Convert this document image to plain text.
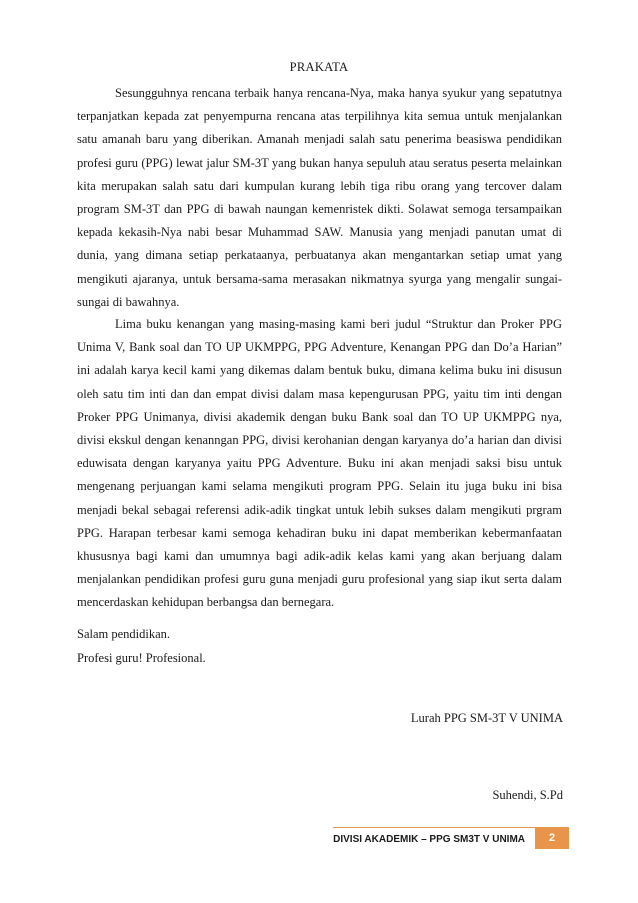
PRAKATA

Sesungguhnya rencana terbaik hanya rencana-Nya, maka hanya syukur yang sepatutnya terpanjatkan kepada zat penyempurna rencana atas terpilihnya kita semua untuk menjalankan satu amanah baru yang diberikan. Amanah menjadi salah satu penerima beasiswa pendidikan profesi guru (PPG) lewat jalur SM-3T yang bukan hanya sepuluh atau seratus peserta melainkan kita merupakan salah satu dari kumpulan kurang lebih tiga ribu orang yang tercover dalam program SM-3T dan PPG di bawah naungan kemenristek dikti. Solawat semoga tersampaikan kepada kekasih-Nya nabi besar Muhammad SAW. Manusia yang menjadi panutan umat di dunia, yang dimana setiap perkataanya, perbuatanya akan mengantarkan setiap umat yang mengikuti ajaranya, untuk bersama-sama merasakan nikmatnya syurga yang mengalir sungai-sungai di bawahnya.

Lima buku kenangan yang masing-masing kami beri judul “Struktur dan Proker PPG Unima V, Bank soal dan TO UP UKMPPG, PPG Adventure, Kenangan PPG dan Do’a Harian” ini adalah karya kecil kami yang dikemas dalam bentuk buku, dimana kelima buku ini disusun oleh satu tim inti dan dan empat divisi dalam masa kepengurusan PPG, yaitu tim inti dengan Proker PPG Unimanya, divisi akademik dengan buku Bank soal dan TO UP UKMPPG nya, divisi ekskul dengan kenanngan PPG, divisi kerohanian dengan karyanya do’a harian dan divisi eduwisata dengan karyanya yaitu PPG Adventure. Buku ini akan menjadi saksi bisu untuk mengenang perjuangan kami selama mengikuti program PPG. Selain itu juga buku ini bisa menjadi bekal sebagai referensi adik-adik tingkat untuk lebih sukses dalam mengikuti prgram PPG. Harapan terbesar kami semoga kehadiran buku ini dapat memberikan kebermanfaatan khususnya bagi kami dan umumnya bagi adik-adik kelas kami yang akan berjuang dalam menjalankan pendidikan profesi guru guna menjadi guru profesional yang siap ikut serta dalam mencerdaskan kehidupan berbangsa dan bernegara.

Salam pendidikan.
Profesi guru! Profesional.
Lurah PPG SM-3T V UNIMA
Suhendi, S.Pd
DIVISI AKADEMIK – PPG SM3T V UNIMA	2
